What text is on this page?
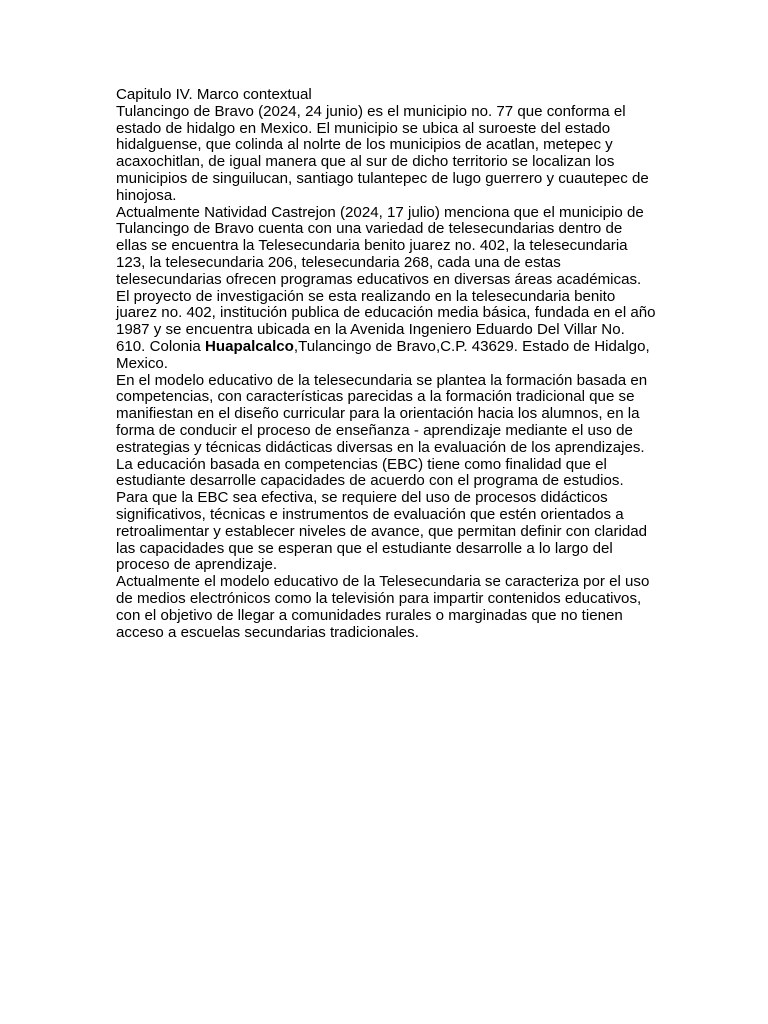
Capitulo IV. Marco contextual

Tulancingo de Bravo (2024, 24 junio) es el municipio no. 77 que conforma el estado de hidalgo en Mexico. El municipio se ubica al suroeste del estado hidalguense, que colinda al nolrte de los municipios de acatlan, metepec y acaxochitlan, de igual manera que al sur de dicho territorio se localizan los municipios de singuilucan, santiago tulantepec de lugo guerrero y cuautepec de hinojosa.

Actualmente Natividad Castrejon (2024, 17 julio) menciona que el municipio de Tulancingo de Bravo cuenta con una variedad de telesecundarias dentro de ellas se encuentra la Telesecundaria benito juarez no. 402, la telesecundaria 123, la telesecundaria 206, telesecundaria 268, cada una de estas telesecundarias ofrecen programas educativos en diversas áreas académicas.

El proyecto de investigación se esta realizando en la telesecundaria benito juarez no. 402, institución publica de educación media básica, fundada en el año 1987 y se encuentra ubicada en la Avenida Ingeniero Eduardo Del Villar No. 610. Colonia Huapalcalco,Tulancingo de Bravo,C.P. 43629. Estado de Hidalgo, Mexico.

En el modelo educativo de la telesecundaria se plantea la formación basada en competencias, con características parecidas a la formación tradicional que se manifiestan en el diseño curricular para la orientación hacia los alumnos, en la forma de conducir el proceso de enseñanza - aprendizaje mediante el uso de estrategias y técnicas didácticas diversas en la evaluación de los aprendizajes. La educación basada en competencias (EBC) tiene como finalidad que el estudiante desarrolle capacidades de acuerdo con el programa de estudios. Para que la EBC sea efectiva, se requiere del uso de procesos didácticos significativos, técnicas e instrumentos de evaluación que estén orientados a retroalimentar y establecer niveles de avance, que permitan definir con claridad las capacidades que se esperan que el estudiante desarrolle a lo largo del proceso de aprendizaje.

Actualmente el modelo educativo de la Telesecundaria se caracteriza por el uso de medios electrónicos como la televisión para impartir contenidos educativos, con el objetivo de llegar a comunidades rurales o marginadas que no tienen acceso a escuelas secundarias tradicionales.
